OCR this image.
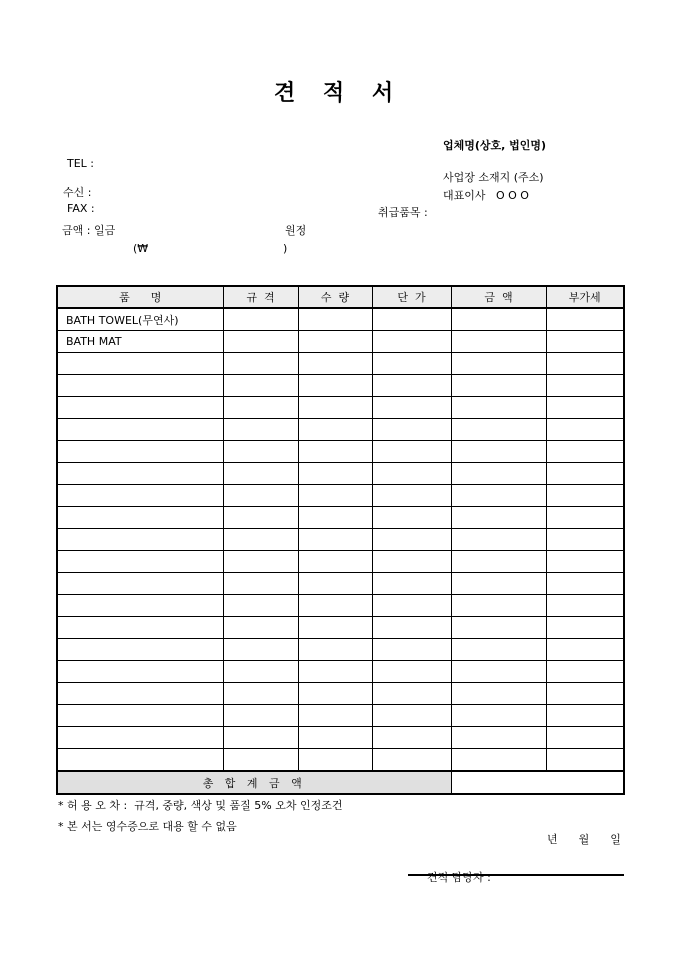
견 적 서

TEL :

FAX :

업체명(상호, 법인명)
사업장 소재지 (주소)
대표이사   O O O
수신 :
취급품목 :
금액 : 일금	원정
(₩	)
품      명	규  격	수  량	단  가	금  액	부가세
BATH TOWEL(무연사)					
BATH MAT					

총 합 계 금 액					
* 허 용 오 차 :  규격, 중량, 색상 및 품질 5% 오차 인정조건
* 본 서는 영수증으로 대용 할 수 없음
년      월      일

견적 담당자 :
